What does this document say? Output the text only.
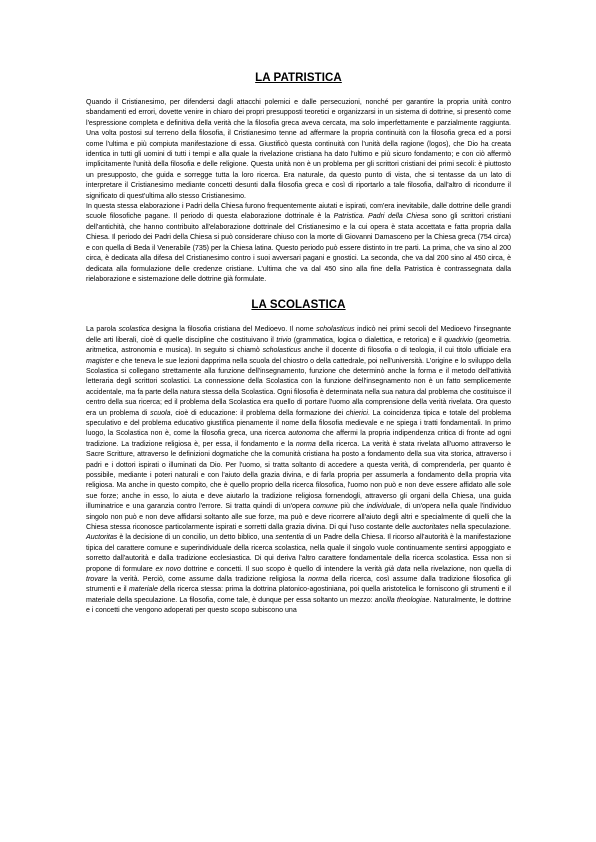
LA PATRISTICA

Quando il Cristianesimo, per difendersi dagli attacchi polemici e dalle persecuzioni, nonché per garantire la propria unità contro sbandamenti ed errori, dovette venire in chiaro dei propri presupposti teoretici e organizzarsi in un sistema di dottrine, si presentò come l'espressione completa e definitiva della verità che la filosofia greca aveva cercata, ma solo imperfettamente e parzialmente raggiunta. Una volta postosi sul terreno della filosofia, il Cristianesimo tenne ad affermare la propria continuità con la filosofia greca ed a porsi come l'ultima e più compiuta manifestazione di essa. Giustificò questa continuità con l'unità della ragione (logos), che Dio ha creata identica in tutti gli uomini di tutti i tempi e alla quale la rivelazione cristiana ha dato l'ultimo e più sicuro fondamento; e con ciò affermò implicitamente l'unità della filosofia e delle religione. Questa unità non è un problema per gli scrittori cristiani dei primi secoli: è piuttosto un presupposto, che guida e sorregge tutta la loro ricerca. Era naturale, da questo punto di vista, che si tentasse da un lato di interpretare il Cristianesimo mediante concetti desunti dalla filosofia greca e così di riportarlo a tale filosofia, dall'altro di ricondurre il significato di quest'ultima allo stesso Cristianesimo.

In questa stessa elaborazione i Padri della Chiesa furono frequentemente aiutati e ispirati, com'era inevitabile, dalle dottrine delle grandi scuole filosofiche pagane. Il periodo di questa elaborazione dottrinale è la Patristica. Padri della Chiesa sono gli scrittori cristiani dell'antichità, che hanno contribuito all'elaborazione dottrinale del Cristianesimo e la cui opera è stata accettata e fatta propria dalla Chiesa. Il periodo dei Padri della Chiesa si può considerare chiuso con la morte di Giovanni Damasceno per la Chiesa greca (754 circa) e con quella di Beda il Venerabile (735) per la Chiesa latina. Questo periodo può essere distinto in tre parti. La prima, che va sino al 200 circa, è dedicata alla difesa del Cristianesimo contro i suoi avversari pagani e gnostici. La seconda, che va dal 200 sino al 450 circa, è dedicata alla formulazione delle credenze cristiane. L'ultima che va dal 450 sino alla fine della Patristica è contrassegnata dalla rielaborazione e sistemazione delle dottrine già formulate.

LA SCOLASTICA

La parola scolastica designa la filosofia cristiana del Medioevo. Il nome scholasticus indicò nei primi secoli del Medioevo l'insegnante delle arti liberali, cioè di quelle discipline che costituivano il trivio (grammatica, logica o dialettica, e retorica) e il quadrivio (geometria. aritmetica, astronomia e musica). In seguito si chiamò scholasticus anche il docente di filosofia o di teologia, il cui titolo ufficiale era magister e che teneva le sue lezioni dapprima nella scuola del chiostro o della cattedrale, poi nell'università. L'origine e lo sviluppo della Scolastica si collegano strettamente alla funzione dell'insegnamento, funzione che determinò anche la forma e il metodo dell'attività letteraria degli scrittori scolastici. La connessione della Scolastica con la funzione dell'insegnamento non è un fatto semplicemente accidentale, ma fa parte della natura stessa della Scolastica. Ogni filosofia è determinata nella sua natura dal problema che costituisce il centro della sua ricerca; ed il problema della Scolastica era quello di portare l'uomo alla comprensione della verità rivelata. Ora questo era un problema di scuola, cioè di educazione: il problema della formazione dei chierici. La coincidenza tipica e totale del problema speculativo e del problema educativo giustifica pienamente il nome della filosofia medievale e ne spiega i tratti fondamentali. In primo luogo, la Scolastica non è, come la filosofia greca, una ricerca autonoma che affermi la propria indipendenza critica di fronte ad ogni tradizione. La tradizione religiosa è, per essa, il fondamento e la norma della ricerca. La verità è stata rivelata all'uomo attraverso le Sacre Scritture, attraverso le definizioni dogmatiche che la comunità cristiana ha posto a fondamento della sua vita storica, attraverso i padri e i dottori ispirati o illuminati da Dio. Per l'uomo, si tratta soltanto di accedere a questa verità, di comprenderla, per quanto è possibile, mediante i poteri naturali e con l'aiuto della grazia divina, e di farla propria per assumerla a fondamento della propria vita religiosa. Ma anche in questo compito, che è quello proprio della ricerca filosofica, l'uomo non può e non deve essere affidato alle sole sue forze; anche in esso, lo aiuta e deve aiutarlo la tradizione religiosa fornendogli, attraverso gli organi della Chiesa, una guida illuminatrice e una garanzia contro l'errore. Si tratta quindi di un'opera comune più che individuale, di un'opera nella quale l'individuo singolo non può e non deve affidarsi soltanto alle sue forze, ma può e deve ricorrere all'aiuto degli altri e specialmente di quelli che la Chiesa stessa riconosce particolarmente ispirati e sorretti dalla grazia divina. Di qui l'uso costante delle auctoritates nella speculazione. Auctoritas è la decisione di un concilio, un detto biblico, una sententia di un Padre della Chiesa. Il ricorso all'autorità è la manifestazione tipica del carattere comune e superindividuale della ricerca scolastica, nella quale il singolo vuole continuamente sentirsi appoggiato e sorretto dall'autorità e dalla tradizione ecclesiastica. Di qui deriva l'altro carattere fondamentale della ricerca scolastica. Essa non si propone di formulare ex novo dottrine e concetti. Il suo scopo è quello di intendere la verità già data nella rivelazione, non quella di trovare la verità. Perciò, come assume dalla tradizione religiosa la norma della ricerca, così assume dalla tradizione filosofica gli strumenti e il materiale della ricerca stessa: prima la dottrina platonico-agostiniana, poi quella aristotelica le forniscono gli strumenti e il materiale della speculazione. La filosofia, come tale, è dunque per essa soltanto un mezzo: ancilla theologiae. Naturalmente, le dottrine e i concetti che vengono adoperati per questo scopo subiscono una
